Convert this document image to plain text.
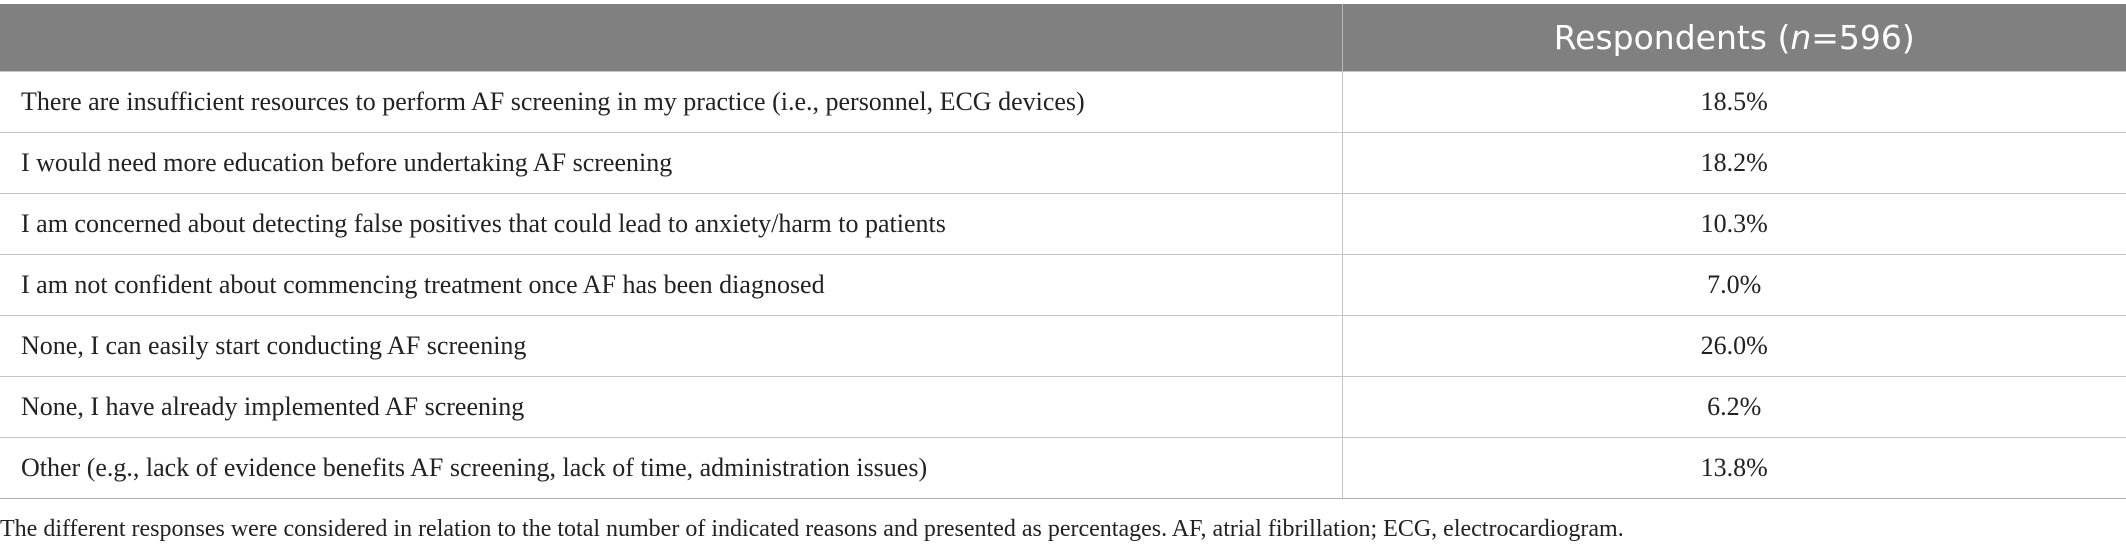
	Respondents (n=596)
There are insufficient resources to perform AF screening in my practice (i.e., personnel, ECG devices)	18.5%
I would need more education before undertaking AF screening	18.2%
I am concerned about detecting false positives that could lead to anxiety/harm to patients	10.3%
I am not confident about commencing treatment once AF has been diagnosed	7.0%
None, I can easily start conducting AF screening	26.0%
None, I have already implemented AF screening	6.2%
Other (e.g., lack of evidence benefits AF screening, lack of time, administration issues)	13.8%
The different responses were considered in relation to the total number of indicated reasons and presented as percentages. AF, atrial fibrillation; ECG, electrocardiogram.
